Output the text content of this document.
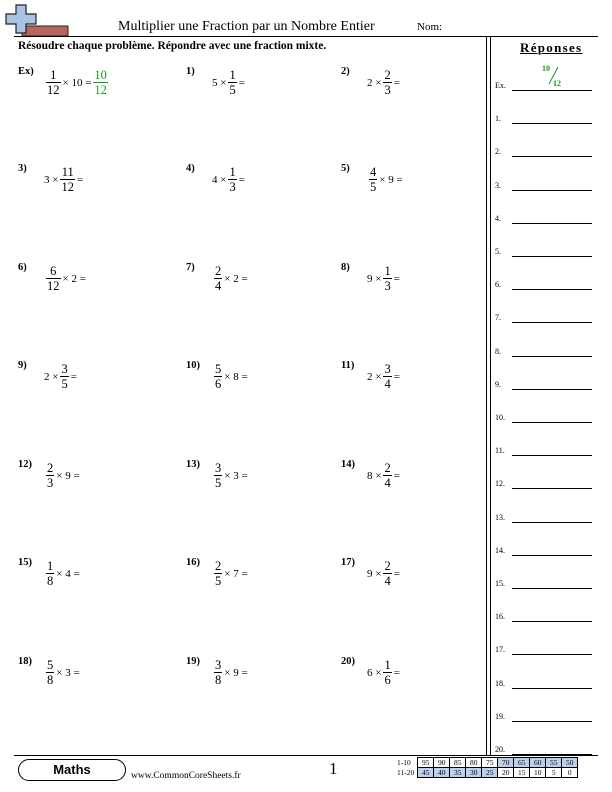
Multiplier une Fraction par un Nombre Entier	Nom:
Résoudre chaque problème. Répondre avec une fraction mixte.	Réponses
Ex.
1.
2.
3.
4.
5.
6.
7.
8.
9.
10.
11.
12.
13.
14.
15.
16.
17.
18.
19.
20.
10
12
$Ex) \frac{1}{12} \times 10 = \frac{10}{12}$	1)
$5 \times \frac{1}{5}$ =
2)
$2 \times \frac{2}{3}$ =
3)
$3 \times \frac{11}{12}$ =
4)
$4 \times \frac{1}{3}$ =
$5) \frac{4}{5} \times 9$ =
$6) \frac{6}{12} \times 2$ =
$7) \frac{2}{4} \times 2$ =
8)
$9 \times \frac{1}{3}$ =
9)
$2 \times \frac{3}{5}$ =
$10) \frac{5}{6} \times 8$ =
11)
$2 \times \frac{3}{4}$ =
$12) \frac{2}{3} \times 9$ =
$13) \frac{3}{5} \times 3$ =
14)
$8 \times \frac{2}{4}$ =
$15) \frac{1}{8} \times 4$ =
$16) \frac{2}{5} \times 7$ =
17)
$9 \times \frac{2}{4}$ =
$18) \frac{5}{8} \times 3$ =
$19) \frac{3}{8} \times 9$ =
20)
$6 \times \frac{1}{6}$ =
Maths	www.CommonCoreSheets.fr	1	1-10	95	90	85	80	75	70	65	60	55	50
11-20	45	40	35	30	25	20	15	10	5	0
